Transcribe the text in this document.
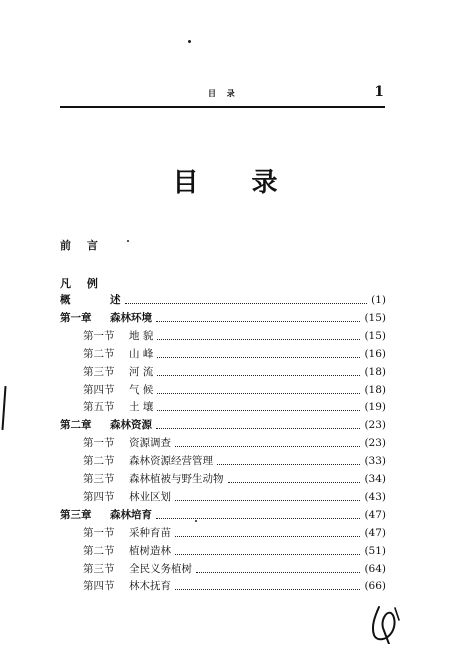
目 录	1
目 录
前 言
凡 例
概	述	(1)
第一章 森林环境	(15)
第一节 地 貌	(15)
第二节 山 峰	(16)
第三节 河 流	(18)
第四节 气 候	(18)
第五节 土 壤	(19)
第二章 森林资源	(23)
第一节 资源调查	(23)
第二节 森林资源经营管理	(33)
第三节 森林植被与野生动物	(34)
第四节 林业区划	(43)
第三章 森林培育	(47)
第一节 采种育苗	(47)
第二节 植树造林	(51)
第三节 全民义务植树	(64)
第四节 林木抚育	(66)
